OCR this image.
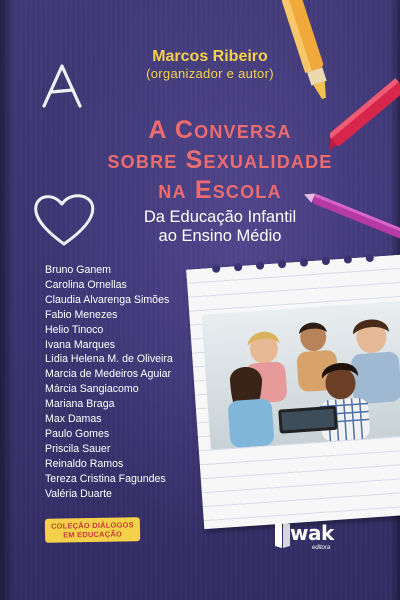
Marcos Ribeiro
(organizador e autor)
A Conversa
sobre Sexualidade
na Escola
Da Educação Infantil
ao Ensino Médio
Bruno Ganem
Carolina Ornellas
Claudia Alvarenga Simões
Fabio Menezes
Helio Tinoco
Ivana Marques
Lídia Helena M. de Oliveira
Marcia de Medeiros Aguiar
Márcia Sangiacomo
Mariana Braga
Max Damas
Paulo Gomes
Priscila Sauer
Reinaldo Ramos
Tereza Cristina Fagundes
Valéria Duarte
COLEÇÃO DIÁLOGOS
EM EDUCAÇÃO	wak
editora
